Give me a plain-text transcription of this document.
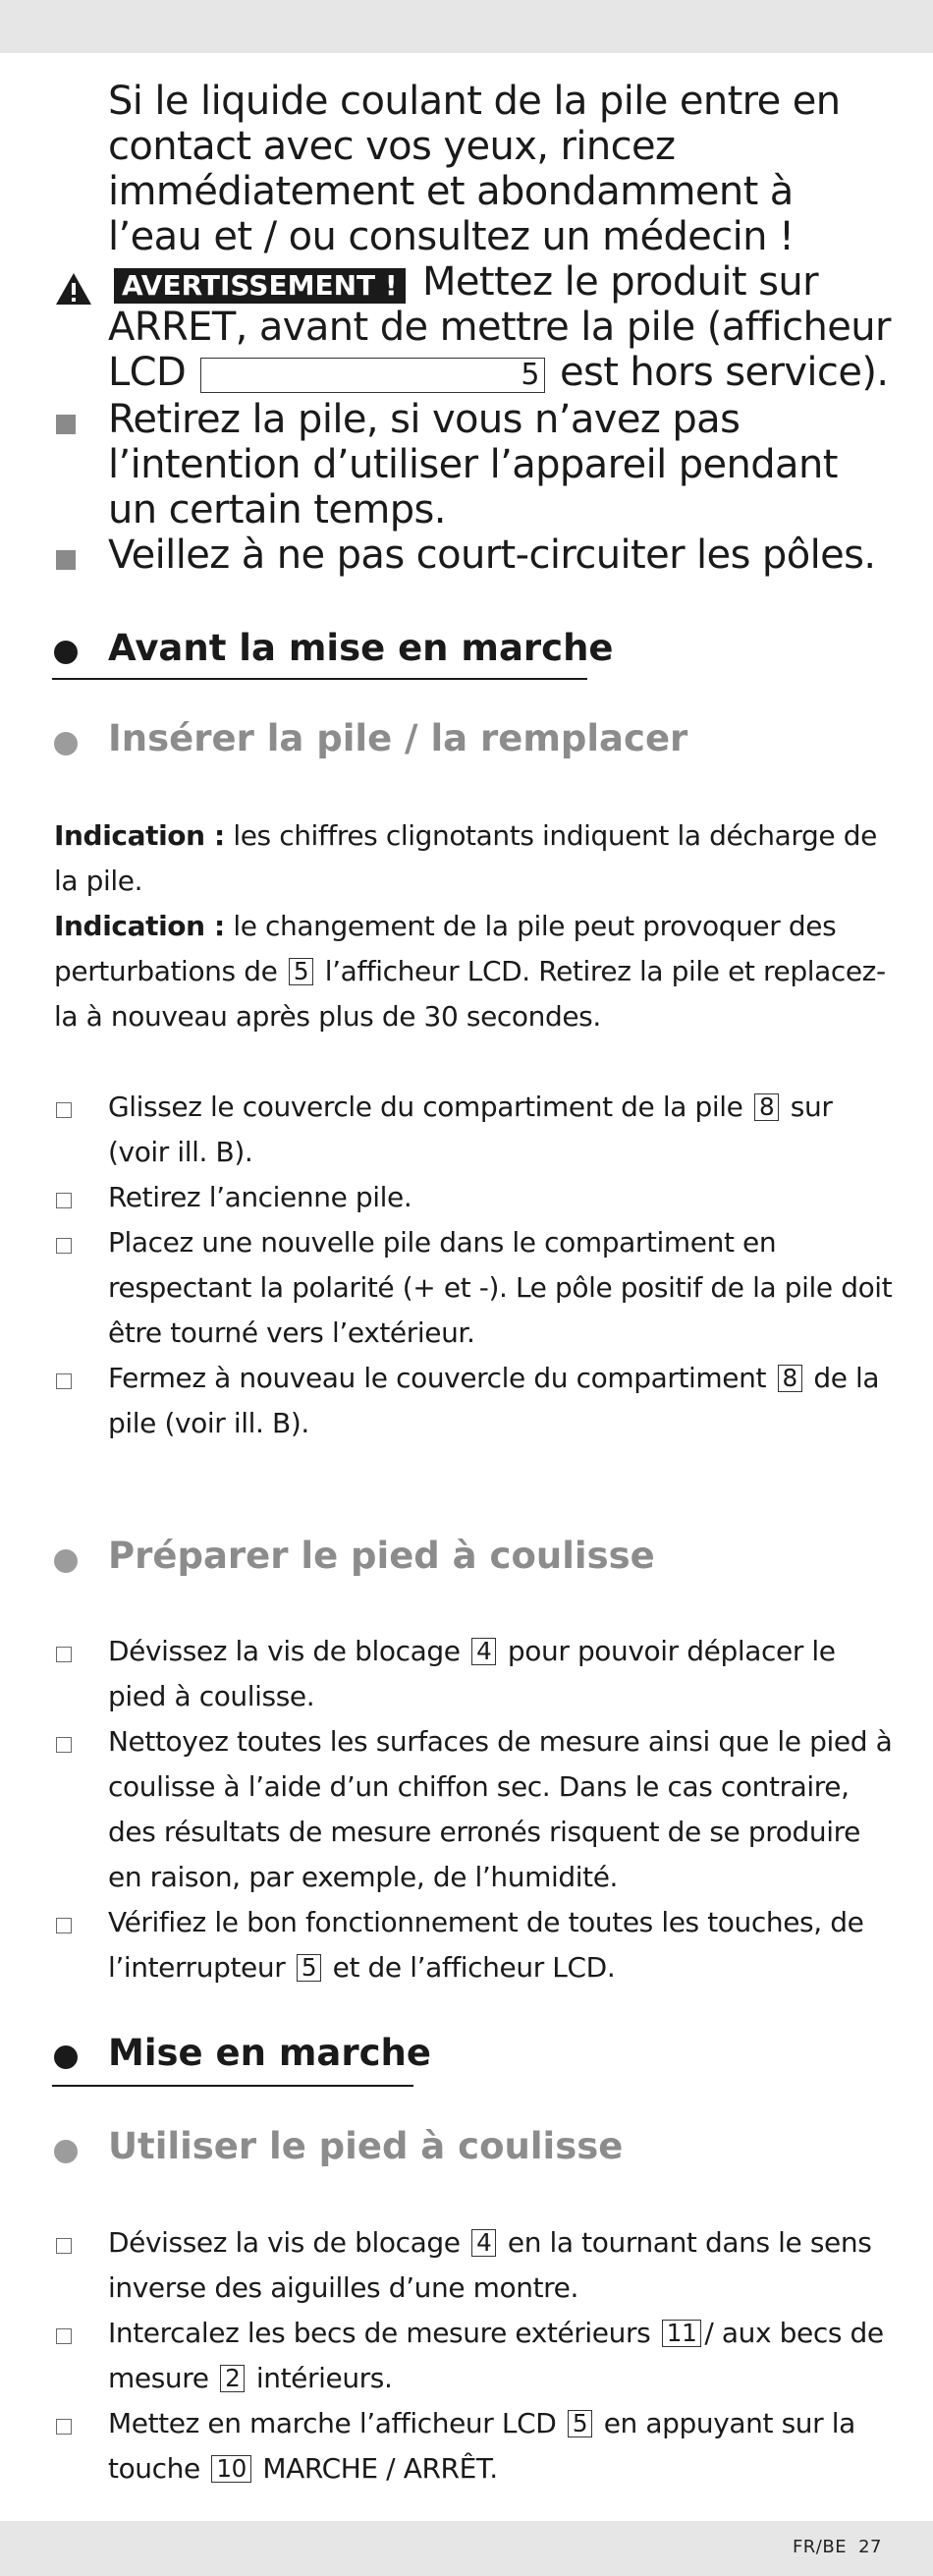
Si le liquide coulant de la pile entre en contact avec vos yeux, rincez immédiatement et abondamment à l’eau et / ou consultez un médecin !

AVERTISSEMENT ! Mettez le produit sur ARRET, avant de mettre la pile (afficheur LCD	5 est hors service).

Retirez la pile, si vous n’avez pas l’intention d’utiliser l’appareil pendant un certain temps.

Veillez à ne pas court-circuiter les pôles.

Avant la mise en marche
Insérer la pile / la remplacer

Indication : les chiffres clignotants indiquent la décharge de la pile.

Indication : le changement de la pile peut provoquer des perturbations de 5 l’afficheur LCD. Retirez la pile et replacez-la à nouveau après plus de 30 secondes.

Glissez le couvercle du compartiment de la pile 8 sur (voir ill. B).

Retirez l’ancienne pile.

Placez une nouvelle pile dans le compartiment en respectant la polarité (+ et -). Le pôle positif de la pile doit être tourné vers l’extérieur.

Fermez à nouveau le couvercle du compartiment 8 de la pile (voir ill. B).

Préparer le pied à coulisse

Dévissez la vis de blocage 4 pour pouvoir déplacer le pied à coulisse.

Nettoyez toutes les surfaces de mesure ainsi que le pied à coulisse à l’aide d’un chiffon sec. Dans le cas contraire, des résultats de mesure erronés risquent de se produire en raison, par exemple, de l’humidité.

Vérifiez le bon fonctionnement de toutes les touches, de l’interrupteur 5 et de l’afficheur LCD.

Mise en marche
Utiliser le pied à coulisse

Dévissez la vis de blocage 4 en la tournant dans le sens inverse des aiguilles d’une montre.

Intercalez les becs de mesure extérieurs 11 / aux becs de mesure 2 intérieurs.

Mettez en marche l’afficheur LCD 5 en appuyant sur la touche 10 MARCHE / ARRÊT.

FR/BE 27
